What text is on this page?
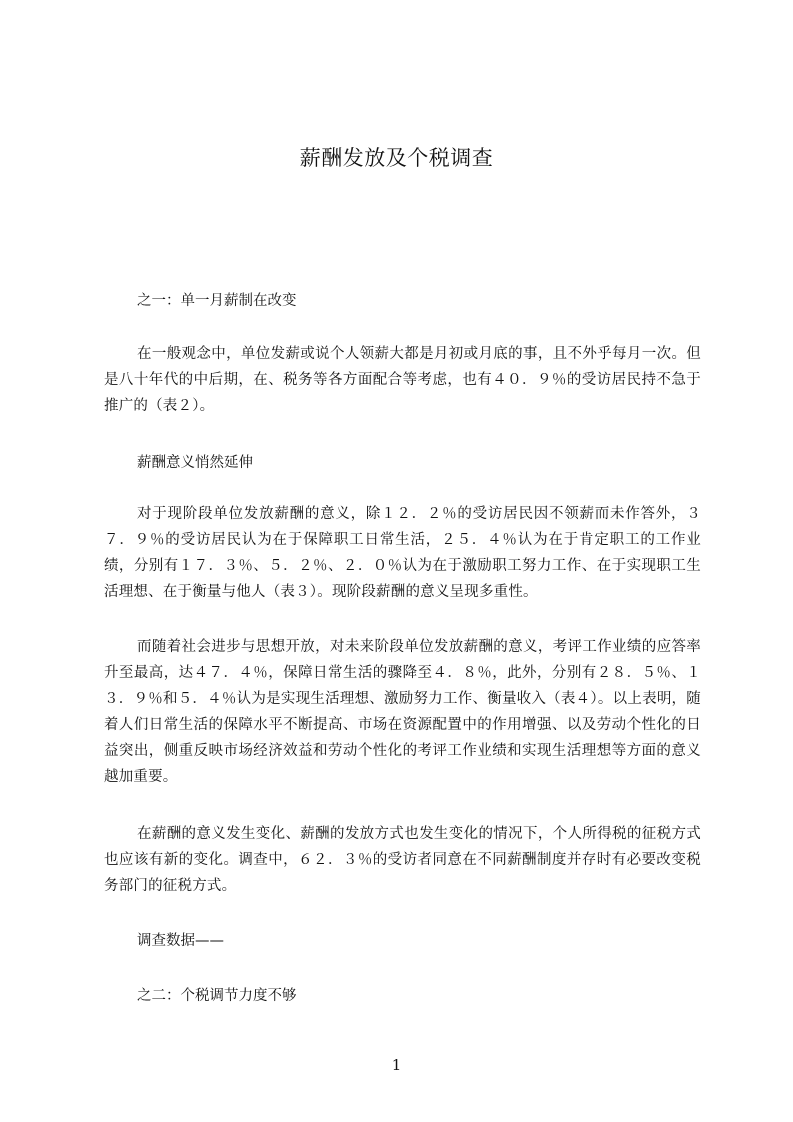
薪酬发放及个税调查
之一：单一月薪制在改变
在一般观念中，单位发薪或说个人领薪大都是月初或月底的事，且不外乎每月一次。但是八十年代的中后期，在、税务等各方面配合等考虑，也有４０．９％的受访居民持不急于推广的（表２）。
薪酬意义悄然延伸
对于现阶段单位发放薪酬的意义，除１２．２％的受访居民因不领薪而未作答外，３７．９％的受访居民认为在于保障职工日常生活，２５．４％认为在于肯定职工的工作业绩，分别有１７．３％、５．２％、２．０％认为在于激励职工努力工作、在于实现职工生活理想、在于衡量与他人（表３）。现阶段薪酬的意义呈现多重性。
而随着社会进步与思想开放，对未来阶段单位发放薪酬的意义，考评工作业绩的应答率升至最高，达４７．４％，保障日常生活的骤降至４．８％，此外，分别有２８．５％、１３．９％和５．４％认为是实现生活理想、激励努力工作、衡量收入（表４）。以上表明，随着人们日常生活的保障水平不断提高、市场在资源配置中的作用增强、以及劳动个性化的日益突出，侧重反映市场经济效益和劳动个性化的考评工作业绩和实现生活理想等方面的意义越加重要。
在薪酬的意义发生变化、薪酬的发放方式也发生变化的情况下，个人所得税的征税方式也应该有新的变化。调查中，６２．３％的受访者同意在不同薪酬制度并存时有必要改变税务部门的征税方式。
调查数据——
之二：个税调节力度不够
1
